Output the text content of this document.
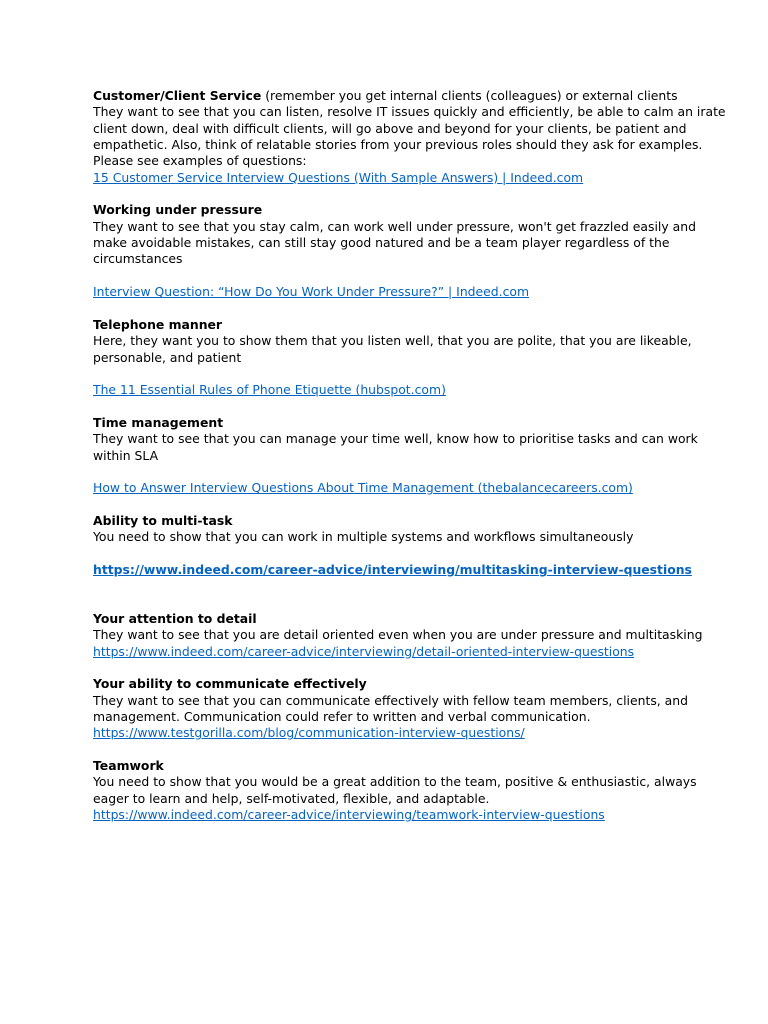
Customer/Client Service (remember you get internal clients (colleagues) or external clients
They want to see that you can listen, resolve IT issues quickly and efficiently, be able to calm an irate
client down, deal with difficult clients, will go above and beyond for your clients, be patient and
empathetic. Also, think of relatable stories from your previous roles should they ask for examples.
Please see examples of questions:
15 Customer Service Interview Questions (With Sample Answers) | Indeed.com
Working under pressure
They want to see that you stay calm, can work well under pressure, won't get frazzled easily and
make avoidable mistakes, can still stay good natured and be a team player regardless of the
circumstances
Interview Question: “How Do You Work Under Pressure?” | Indeed.com
Telephone manner
Here, they want you to show them that you listen well, that you are polite, that you are likeable,
personable, and patient
The 11 Essential Rules of Phone Etiquette (hubspot.com)
Time management
They want to see that you can manage your time well, know how to prioritise tasks and can work
within SLA
How to Answer Interview Questions About Time Management (thebalancecareers.com)
Ability to multi-task
You need to show that you can work in multiple systems and workflows simultaneously
https://www.indeed.com/career-advice/interviewing/multitasking-interview-questions
Your attention to detail
They want to see that you are detail oriented even when you are under pressure and multitasking
https://www.indeed.com/career-advice/interviewing/detail-oriented-interview-questions
Your ability to communicate effectively
They want to see that you can communicate effectively with fellow team members, clients, and
management. Communication could refer to written and verbal communication.
https://www.testgorilla.com/blog/communication-interview-questions/
Teamwork
You need to show that you would be a great addition to the team, positive & enthusiastic, always
eager to learn and help, self-motivated, flexible, and adaptable.
https://www.indeed.com/career-advice/interviewing/teamwork-interview-questions
